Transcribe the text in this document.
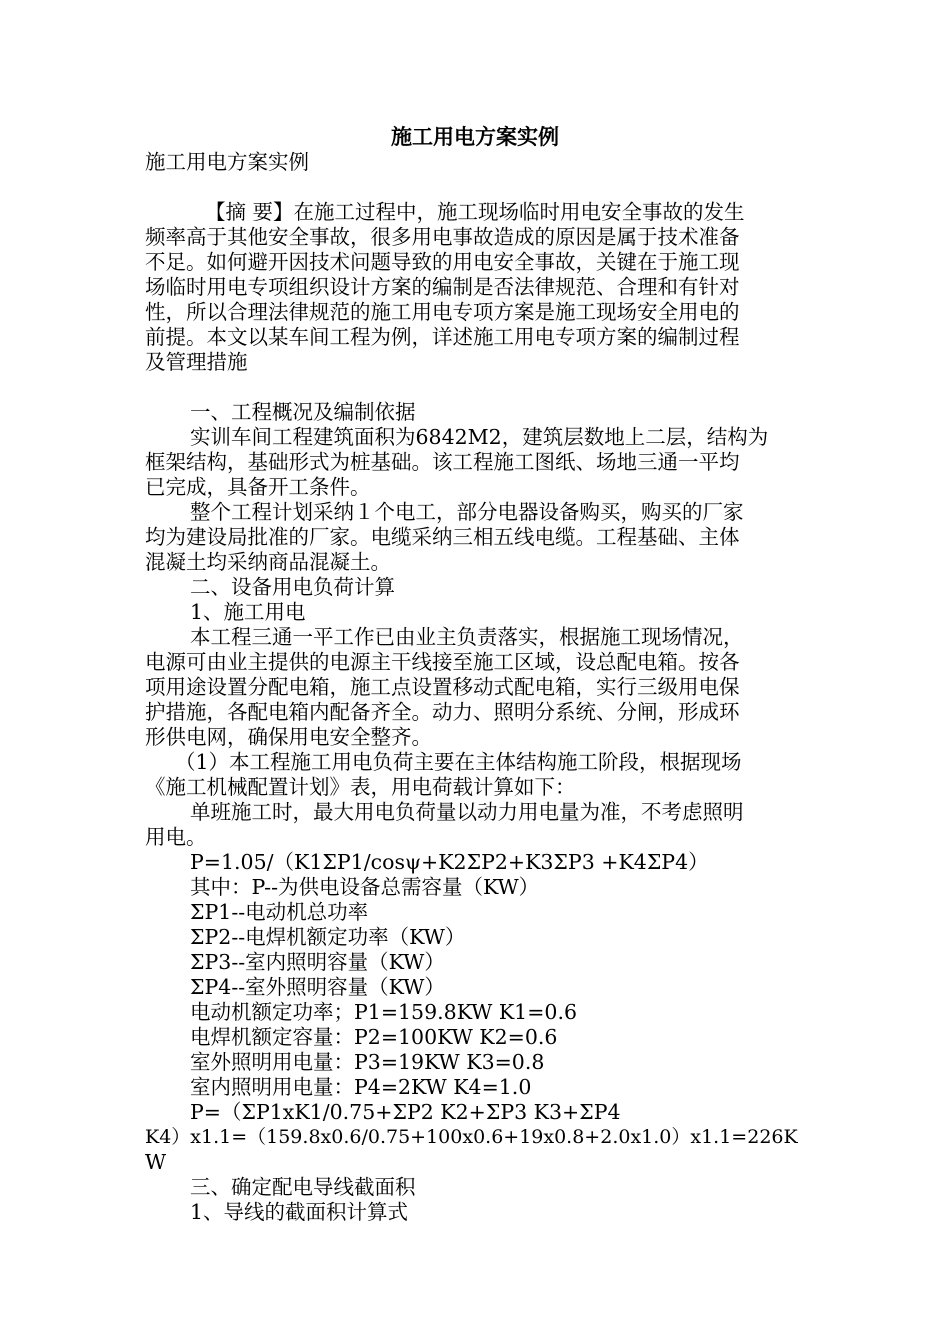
施工用电方案实例
施工用电方案实例
【摘 要】在施工过程中，施工现场临时用电安全事故的发生
频率高于其他安全事故，很多用电事故造成的原因是属于技术准备
不足。如何避开因技术问题导致的用电安全事故，关键在于施工现
场临时用电专项组织设计方案的编制是否法律规范、合理和有针对
性，所以合理法律规范的施工用电专项方案是施工现场安全用电的
前提。本文以某车间工程为例，详述施工用电专项方案的编制过程
及管理措施
一、工程概况及编制依据
实训车间工程建筑面积为6842M2，建筑层数地上二层，结构为
框架结构，基础形式为桩基础。该工程施工图纸、场地三通一平均
已完成，具备开工条件。
整个工程计划采纳１个电工，部分电器设备购买，购买的厂家
均为建设局批准的厂家。电缆采纳三相五线电缆。工程基础、主体
混凝土均采纳商品混凝土。
二、设备用电负荷计算
1、施工用电
本工程三通一平工作已由业主负责落实，根据施工现场情况，
电源可由业主提供的电源主干线接至施工区域，设总配电箱。按各
项用途设置分配电箱，施工点设置移动式配电箱，实行三级用电保
护措施，各配电箱内配备齐全。动力、照明分系统、分闸，形成环
形供电网，确保用电安全整齐。
（1）本工程施工用电负荷主要在主体结构施工阶段，根据现场
《施工机械配置计划》表，用电荷载计算如下：
单班施工时，最大用电负荷量以动力用电量为准，不考虑照明
用电。
P=1.05/（K1ΣP1/cosψ+K2ΣP2+K3ΣP3 +K4ΣP4）
其中：P--为供电设备总需容量（KW）
ΣP1--电动机总功率
ΣP2--电焊机额定功率（KW）
ΣP3--室内照明容量（KW）
ΣP4--室外照明容量（KW）
电动机额定功率；P1=159.8KW K1=0.6
电焊机额定容量：P2=100KW K2=0.6
室外照明用电量：P3=19KW K3=0.8
室内照明用电量：P4=2KW K4=1.0
P=（ΣP1xK1/0.75+ΣP2 K2+ΣP3 K3+ΣP4
K4）x1.1=（159.8x0.6/0.75+100x0.6+19x0.8+2.0x1.0）x1.1=226K
W
三、确定配电导线截面积
1、导线的截面积计算式
